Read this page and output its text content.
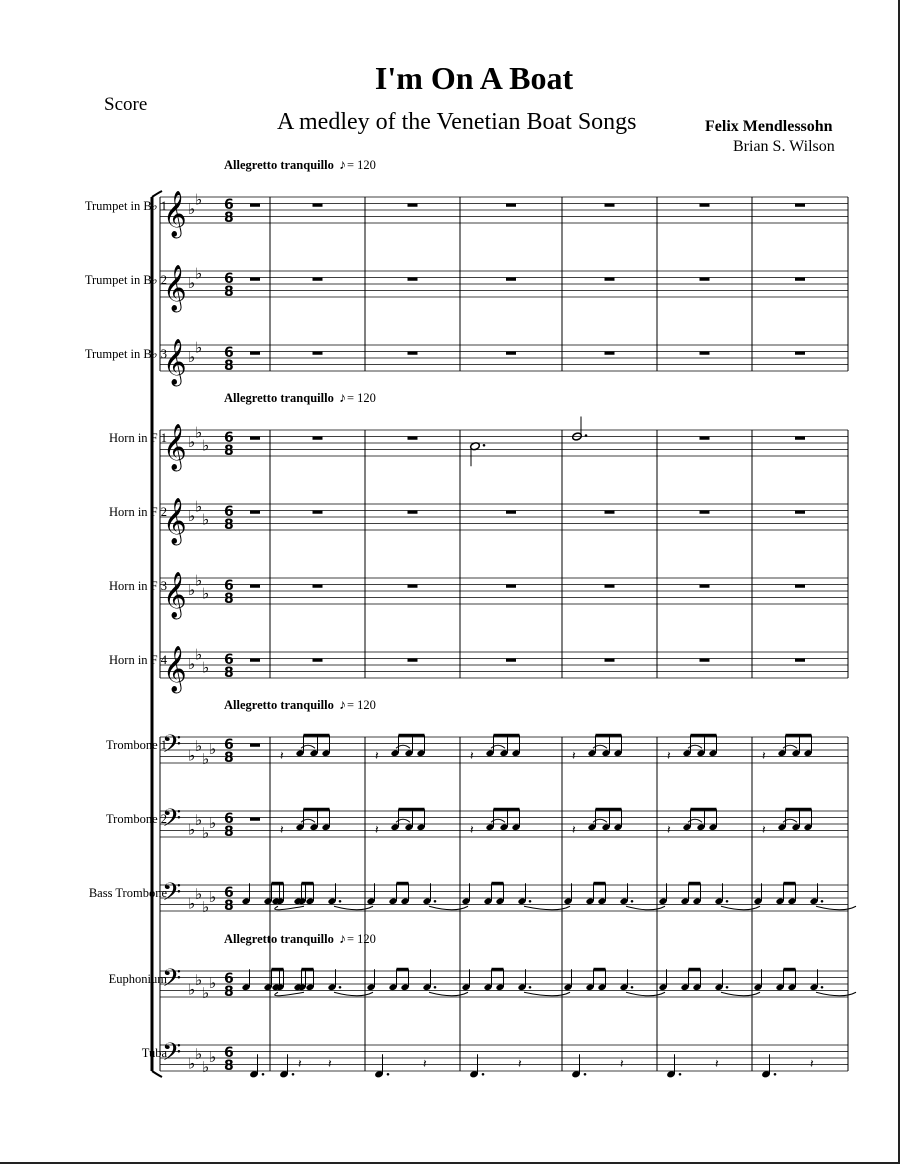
I'm On A Boat
Score
A medley of the Venetian Boat Songs	Felix Mendlessohn
Brian S. Wilson
Allegretto tranquillo ♪= 120
Allegretto tranquillo ♪= 120
Allegretto tranquillo ♪= 120
Allegretto tranquillo ♪= 120
Trumpet in B♭ 1
Trumpet in B♭ 2
Trumpet in B♭ 3
Horn in F 1
Horn in F 2
Horn in F 3
Horn in F 4
Trombone 1
Trombone 2
Bass Trombone
Euphonium
Tuba
𝄞 ♭
♭ 6
8
𝄞 ♭
♭ 6
8
𝄞 ♭
♭ 6
8
𝄞 ♭
♭
♭ 6
8
𝄞 ♭
♭
♭ 6
8
𝄞 ♭
♭
♭ 6
8
𝄞 ♭
♭
♭ 6
8
𝄢 ♭
♭
♭
♭ 6
8	𝄽	𝄽	𝄽	𝄽	𝄽	𝄽
𝄢 ♭
♭
♭
♭ 6
8	𝄽	𝄽	𝄽	𝄽	𝄽	𝄽
𝄢 ♭
♭
♭
♭ 6
8
𝄢 ♭
♭
♭
♭ 6
8
𝄢 ♭
♭
♭
♭ 6
8	𝄽 𝄽	𝄽	𝄽	𝄽	𝄽	𝄽
